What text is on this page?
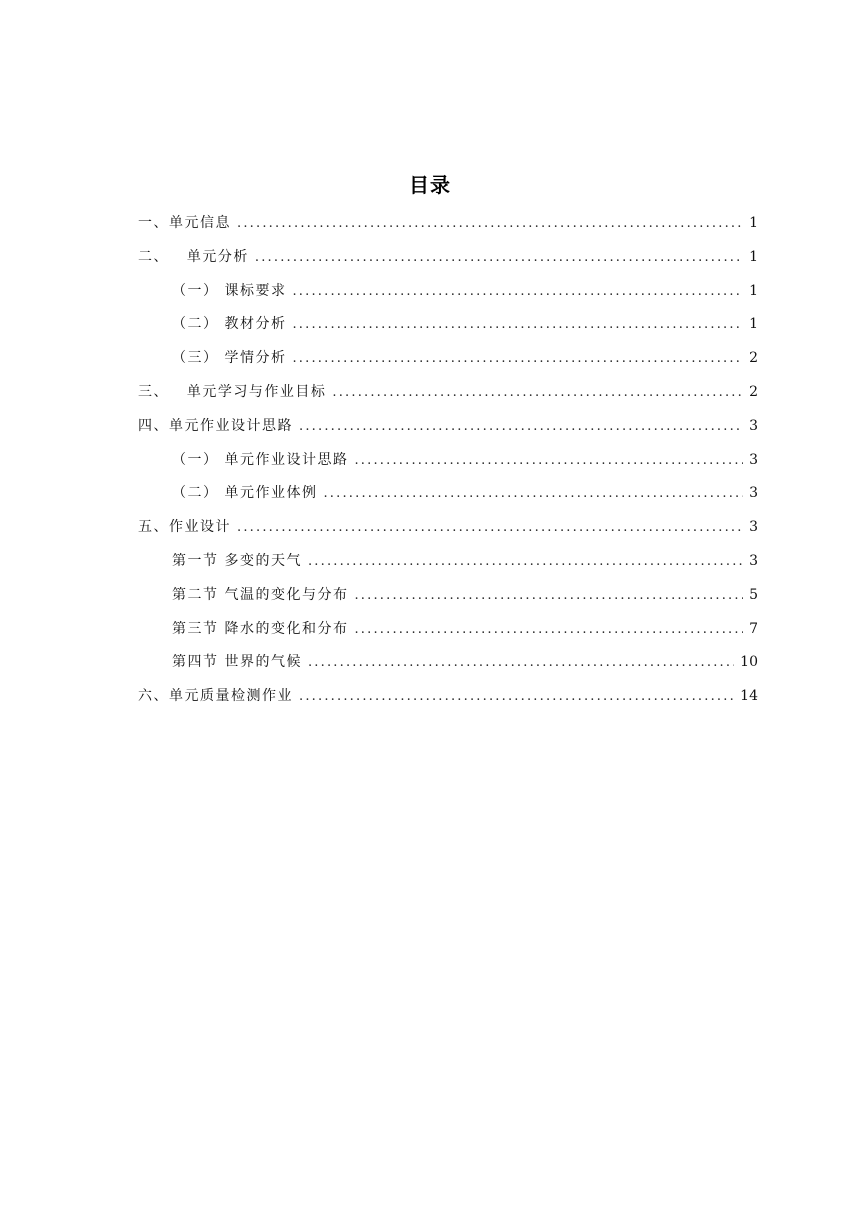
目录
一、单元信息 .....	1
二、   单元分析 .....	1
（一） 课标要求 .....	1
（二） 教材分析 .....	1
（三） 学情分析 .....	2
三、   单元学习与作业目标 .....	2
四、单元作业设计思路 .....	3
（一） 单元作业设计思路 .....	3
（二） 单元作业体例 .....	3
五、作业设计 .....	3
第一节 多变的天气 .....	3
第二节 气温的变化与分布 .....	5
第三节 降水的变化和分布 .....	7
第四节 世界的气候 .....	10
六、单元质量检测作业 .....	14
